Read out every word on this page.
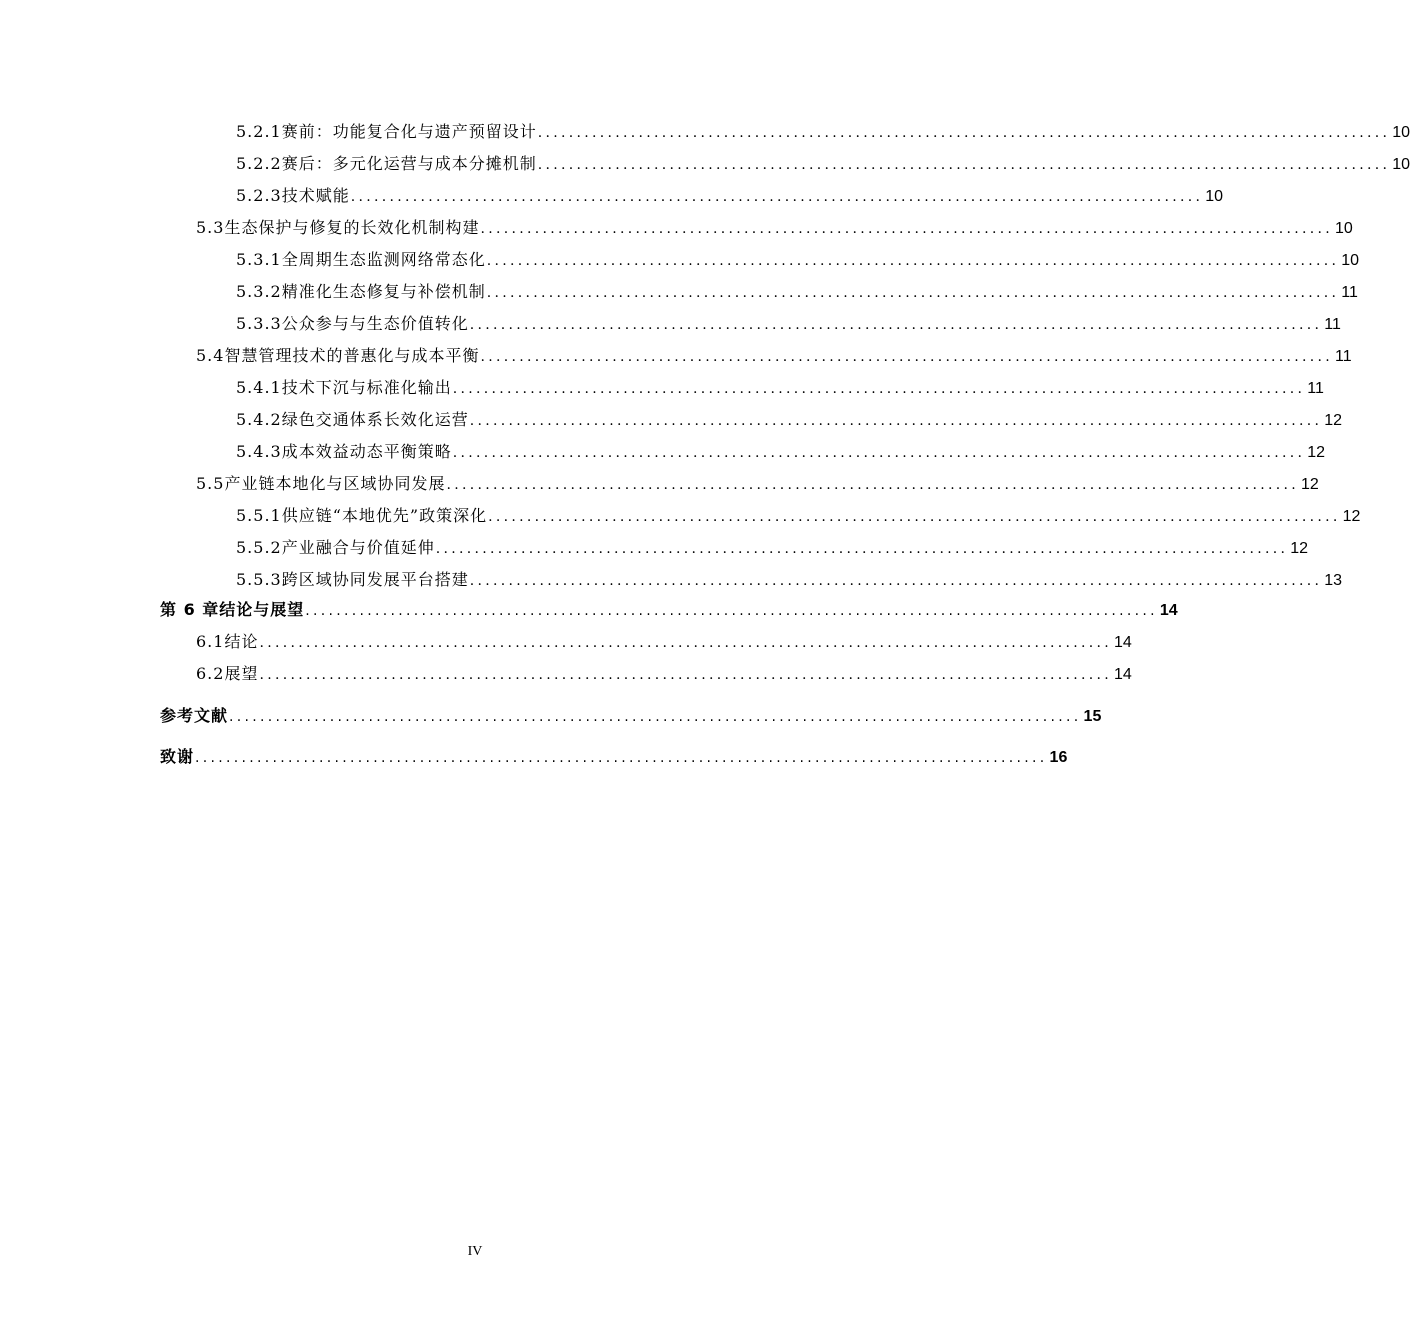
5.2.1 赛前：功能复合化与遗产预留设计 .............................................................................................................. 10
5.2.2 赛后：多元化运营与成本分摊机制 .............................................................................................................. 10
5.2.3 技术赋能 .............................................................................................................. 10
5.3 生态保护与修复的长效化机制构建 .............................................................................................................. 10
5.3.1 全周期生态监测网络常态化 .............................................................................................................. 10
5.3.2 精准化生态修复与补偿机制 .............................................................................................................. 11
5.3.3 公众参与与生态价值转化 .............................................................................................................. 11
5.4 智慧管理技术的普惠化与成本平衡 .............................................................................................................. 11
5.4.1 技术下沉与标准化输出 .............................................................................................................. 11
5.4.2 绿色交通体系长效化运营 .............................................................................................................. 12
5.4.3 成本效益动态平衡策略 .............................................................................................................. 12
5.5 产业链本地化与区域协同发展 .............................................................................................................. 12
5.5.1 供应链“本地优先”政策深化 .............................................................................................................. 12
5.5.2 产业融合与价值延伸 .............................................................................................................. 12
5.5.3 跨区域协同发展平台搭建 .............................................................................................................. 13
第 6 章 结论与展望 .............................................................................................................. 14
6.1 结论 .............................................................................................................. 14
6.2 展望 .............................................................................................................. 14
参考文献 .............................................................................................................. 15
致谢 .............................................................................................................. 16
IV
